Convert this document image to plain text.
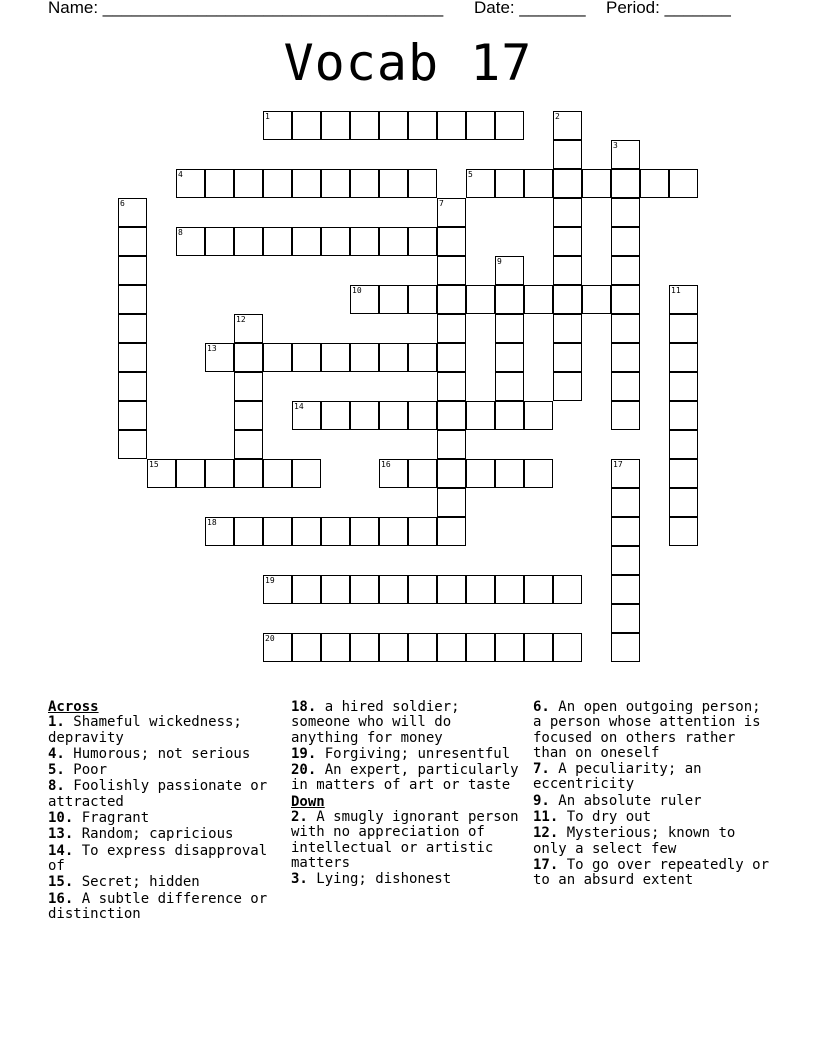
Name: ____________________________________

Date: _______

Period: _______

Vocab 17
1
4	5
8
10
13
14
15	16
18
19
20
2
3
6	7
9
11
12
17
Across
1. Shameful wickedness; depravity
4. Humorous; not serious
5. Poor
8. Foolishly passionate or attracted
10. Fragrant
13. Random; capricious
14. To express disapproval of
15. Secret; hidden
16. A subtle difference or distinction
18. a hired soldier; someone who will do anything for money
19. Forgiving; unresentful
20. An expert, particularly in matters of art or taste
Down
2. A smugly ignorant person with no appreciation of intellectual or artistic matters
3. Lying; dishonest
6. An open outgoing person; a person whose attention is focused on others rather than on oneself
7. A peculiarity; an eccentricity
9. An absolute ruler
11. To dry out
12. Mysterious; known to only a select few
17. To go over repeatedly or to an absurd extent
